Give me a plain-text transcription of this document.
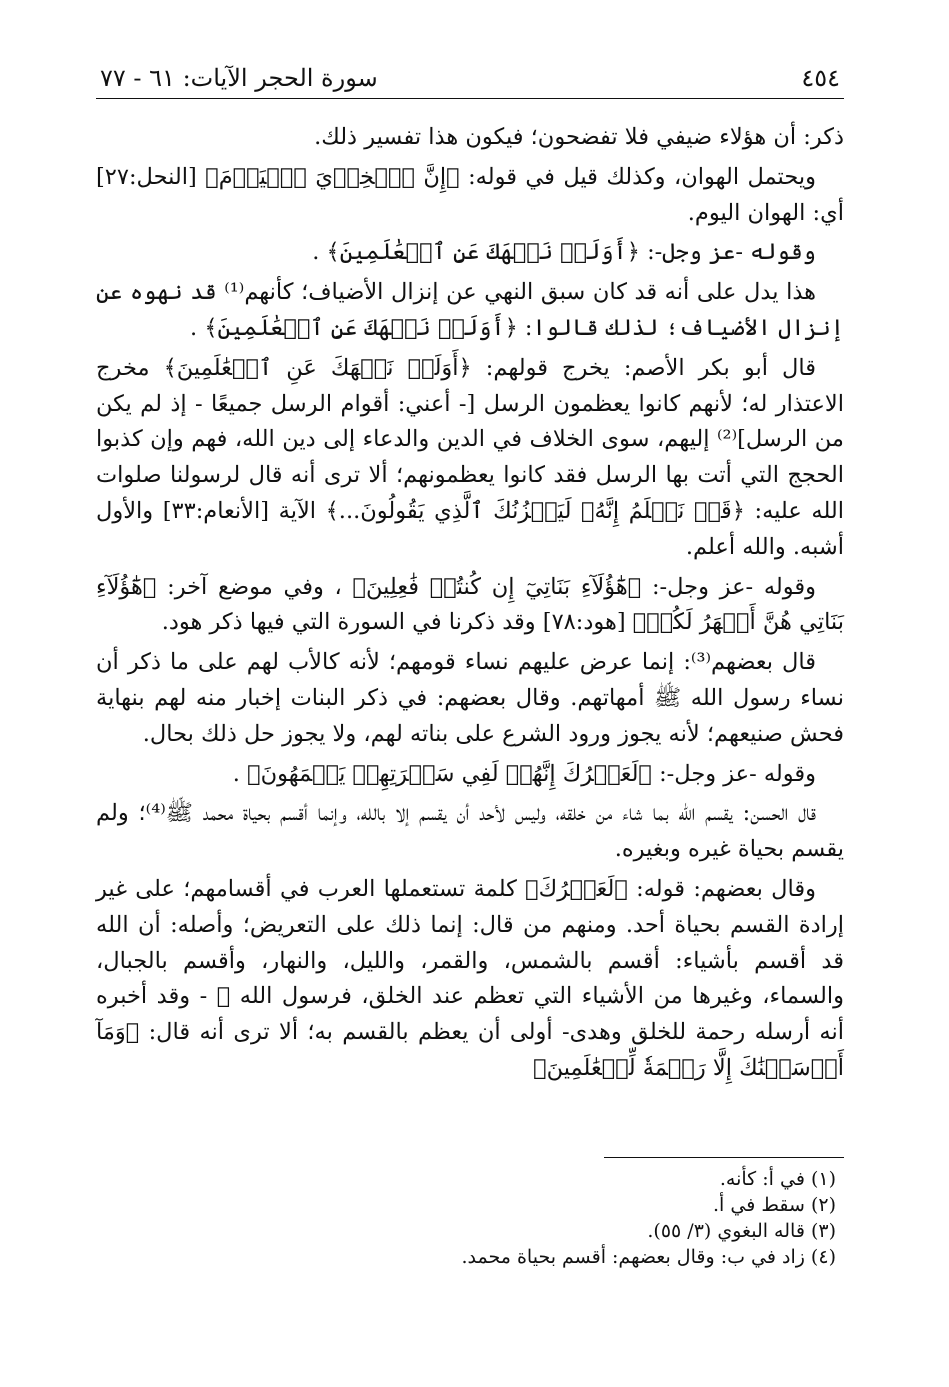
٤٥٤
سورة الحجر الآيات: ٦١ - ٧٧

ذكر: أن هؤلاء ضيفي فلا تفضحون؛ فيكون هذا تفسير ذلك.

ويحتمل الهوان، وكذلك قيل في قوله: ﴿إِنَّ ٱلۡخِزۡيَ ٱلۡيَوۡمَ﴾ [النحل:٢٧] أي: الهوان اليوم.

وقوله -عز وجل-: ﴿أَوَلَمۡ نَنۡهَكَ عَنِ ٱلۡعَٰلَمِينَ﴾ .

هذا يدل على أنه قد كان سبق النهي عن إنزال الأضياف؛ كأنهم⁽¹⁾ قد نهوه عن إنزال الأضياف؛ لذلك قالوا: ﴿أَوَلَمۡ نَنۡهَكَ عَنِ ٱلۡعَٰلَمِينَ﴾ .

قال أبو بكر الأصم: يخرج قولهم: ﴿أَوَلَمۡ نَنۡهَكَ عَنِ ٱلۡعَٰلَمِينَ﴾ مخرج الاعتذار له؛ لأنهم كانوا يعظمون الرسل [- أعني: أقوام الرسل جميعًا - إذ لم يكن من الرسل]⁽²⁾ إليهم، سوى الخلاف في الدين والدعاء إلى دين الله، فهم وإن كذبوا الحجج التي أتت بها الرسل فقد كانوا يعظمونهم؛ ألا ترى أنه قال لرسولنا صلوات الله عليه: ﴿قَدۡ نَعۡلَمُ إِنَّهُۥ لَيَحۡزُنُكَ ٱلَّذِي يَقُولُونَ...﴾ الآية [الأنعام:٣٣] والأول أشبه. والله أعلم.

وقوله -عز وجل-: ﴿هَٰٓؤُلَآءِ بَنَاتِيٓ إِن كُنتُمۡ فَٰعِلِينَ﴾ ، وفي موضع آخر: ﴿هَٰٓؤُلَآءِ بَنَاتِي هُنَّ أَطۡهَرُ لَكُمۡ﴾ [هود:٧٨] وقد ذكرنا في السورة التي فيها ذكر هود.

قال بعضهم⁽³⁾: إنما عرض عليهم نساء قومهم؛ لأنه كالأب لهم على ما ذكر أن نساء رسول الله ﷺ أمهاتهم. وقال بعضهم: في ذكر البنات إخبار منه لهم بنهاية فحش صنيعهم؛ لأنه يجوز ورود الشرع على بناته لهم، ولا يجوز حل ذلك بحال.

وقوله -عز وجل-: ﴿لَعَمۡرُكَ إِنَّهُمۡ لَفِي سَكۡرَتِهِمۡ يَعۡمَهُونَ﴾ .

قال الحسن: يقسم الله بما شاء من خلقه، وليس لأحد أن يقسم إلا بالله، وإنما أقسم بحياة محمد ﷺ⁽⁴⁾؛ ولم يقسم بحياة غيره وبغيره.

وقال بعضهم: قوله: ﴿لَعَمۡرُكَ﴾ كلمة تستعملها العرب في أقسامهم؛ على غير إرادة القسم بحياة أحد. ومنهم من قال: إنما ذلك على التعريض؛ وأصله: أن الله قد أقسم بأشياء: أقسم بالشمس، والقمر، والليل، والنهار، وأقسم بالجبال، والسماء، وغيرها من الأشياء التي تعظم عند الخلق، فرسول الله ﷺ - وقد أخبره أنه أرسله رحمة للخلق وهدى- أولى أن يعظم بالقسم به؛ ألا ترى أنه قال: ﴿وَمَآ أَرۡسَلۡنَٰكَ إِلَّا رَحۡمَةٗ لِّلۡعَٰلَمِينَ﴾

(١) في أ: كأنه.

(٢) سقط في أ.

(٣) قاله البغوي (٣/ ٥٥).

(٤) زاد في ب: وقال بعضهم: أقسم بحياة محمد.
